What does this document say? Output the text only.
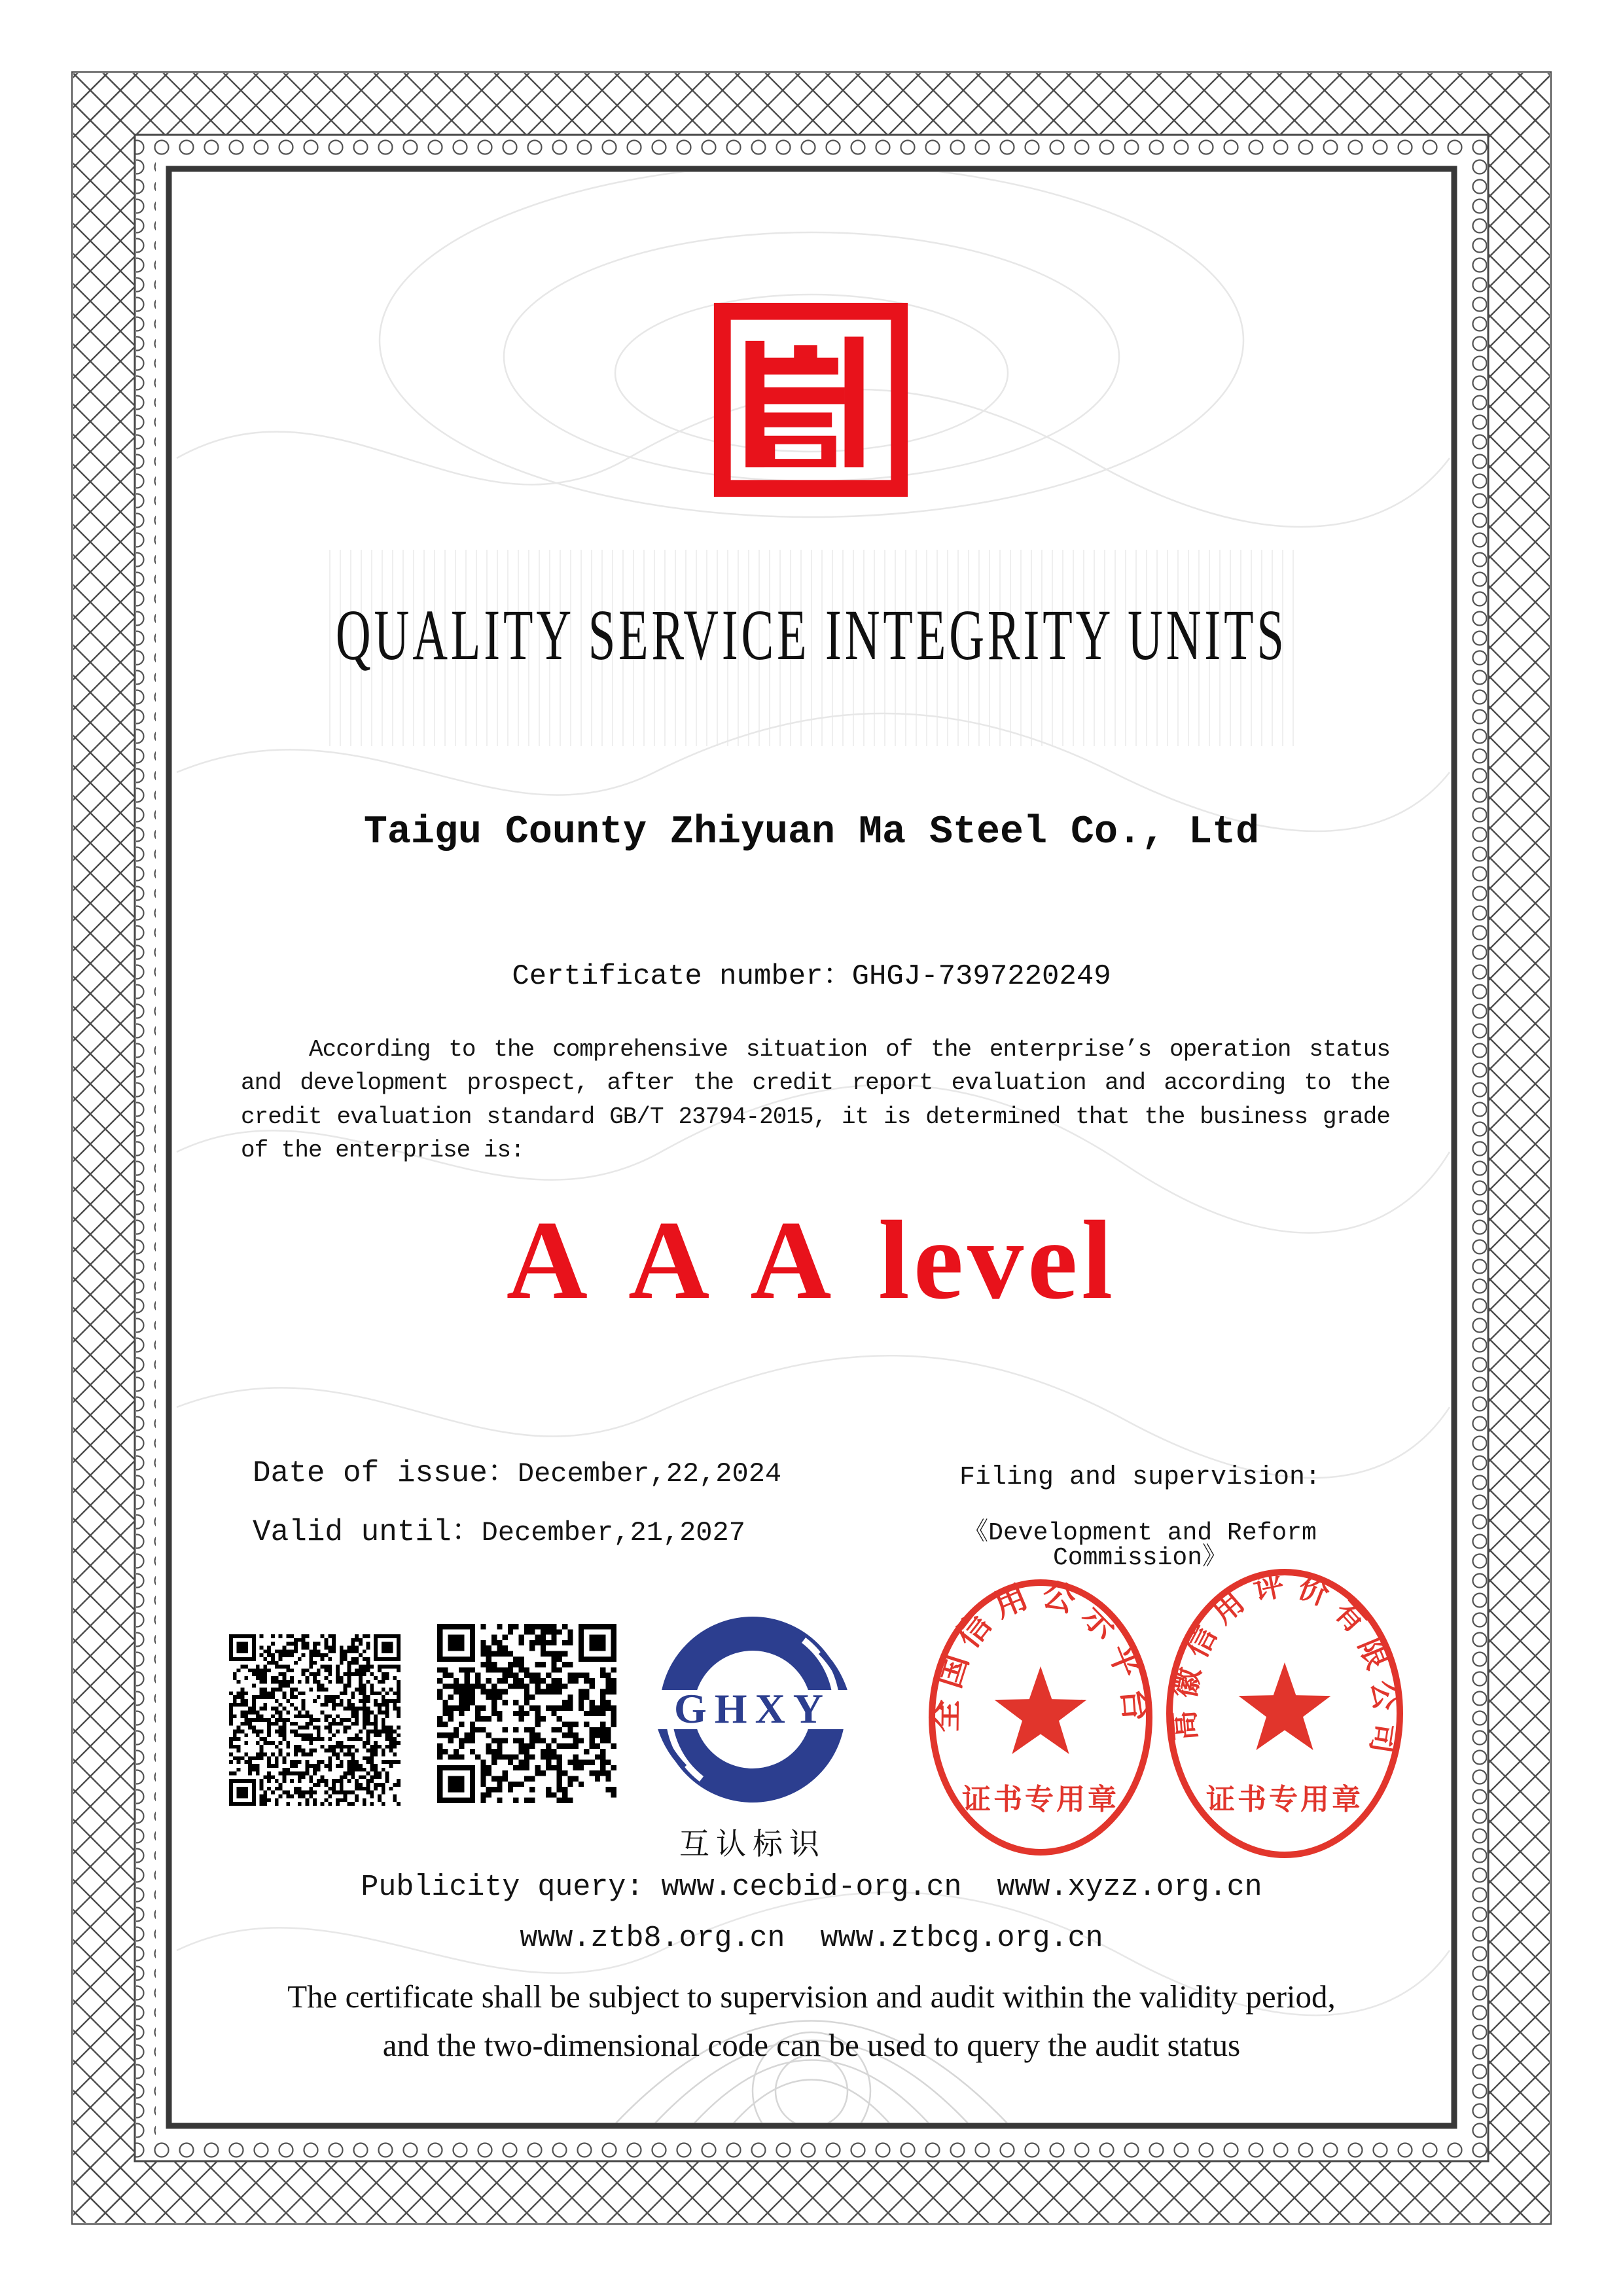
QUALITY SERVICE INTEGRITY UNITS
Taigu County Zhiyuan Ma Steel Co., Ltd
Certificate number：GHGJ-7397220249

According to the comprehensive situation of the enterprise’s operation status and development prospect, after the credit report evaluation and according to the credit evaluation standard GB/T 23794-2015, it is determined that the business grade of the enterprise is:

A A A level
Date of issue：December,22,2024
Valid until：December,21,2027
Filing and supervision:
《Development and Reform Commission》
GHXY
互认标识
全国信用公示平台
证书专用章
高徽信用评价有限公司
证书专用章
Publicity query: www.cecbid-org.cn  www.xyzz.org.cn
www.ztb8.org.cn  www.ztbcg.org.cn
The certificate shall be subject to supervision and audit within the validity period,
and the two-dimensional code can be used to query the audit status
